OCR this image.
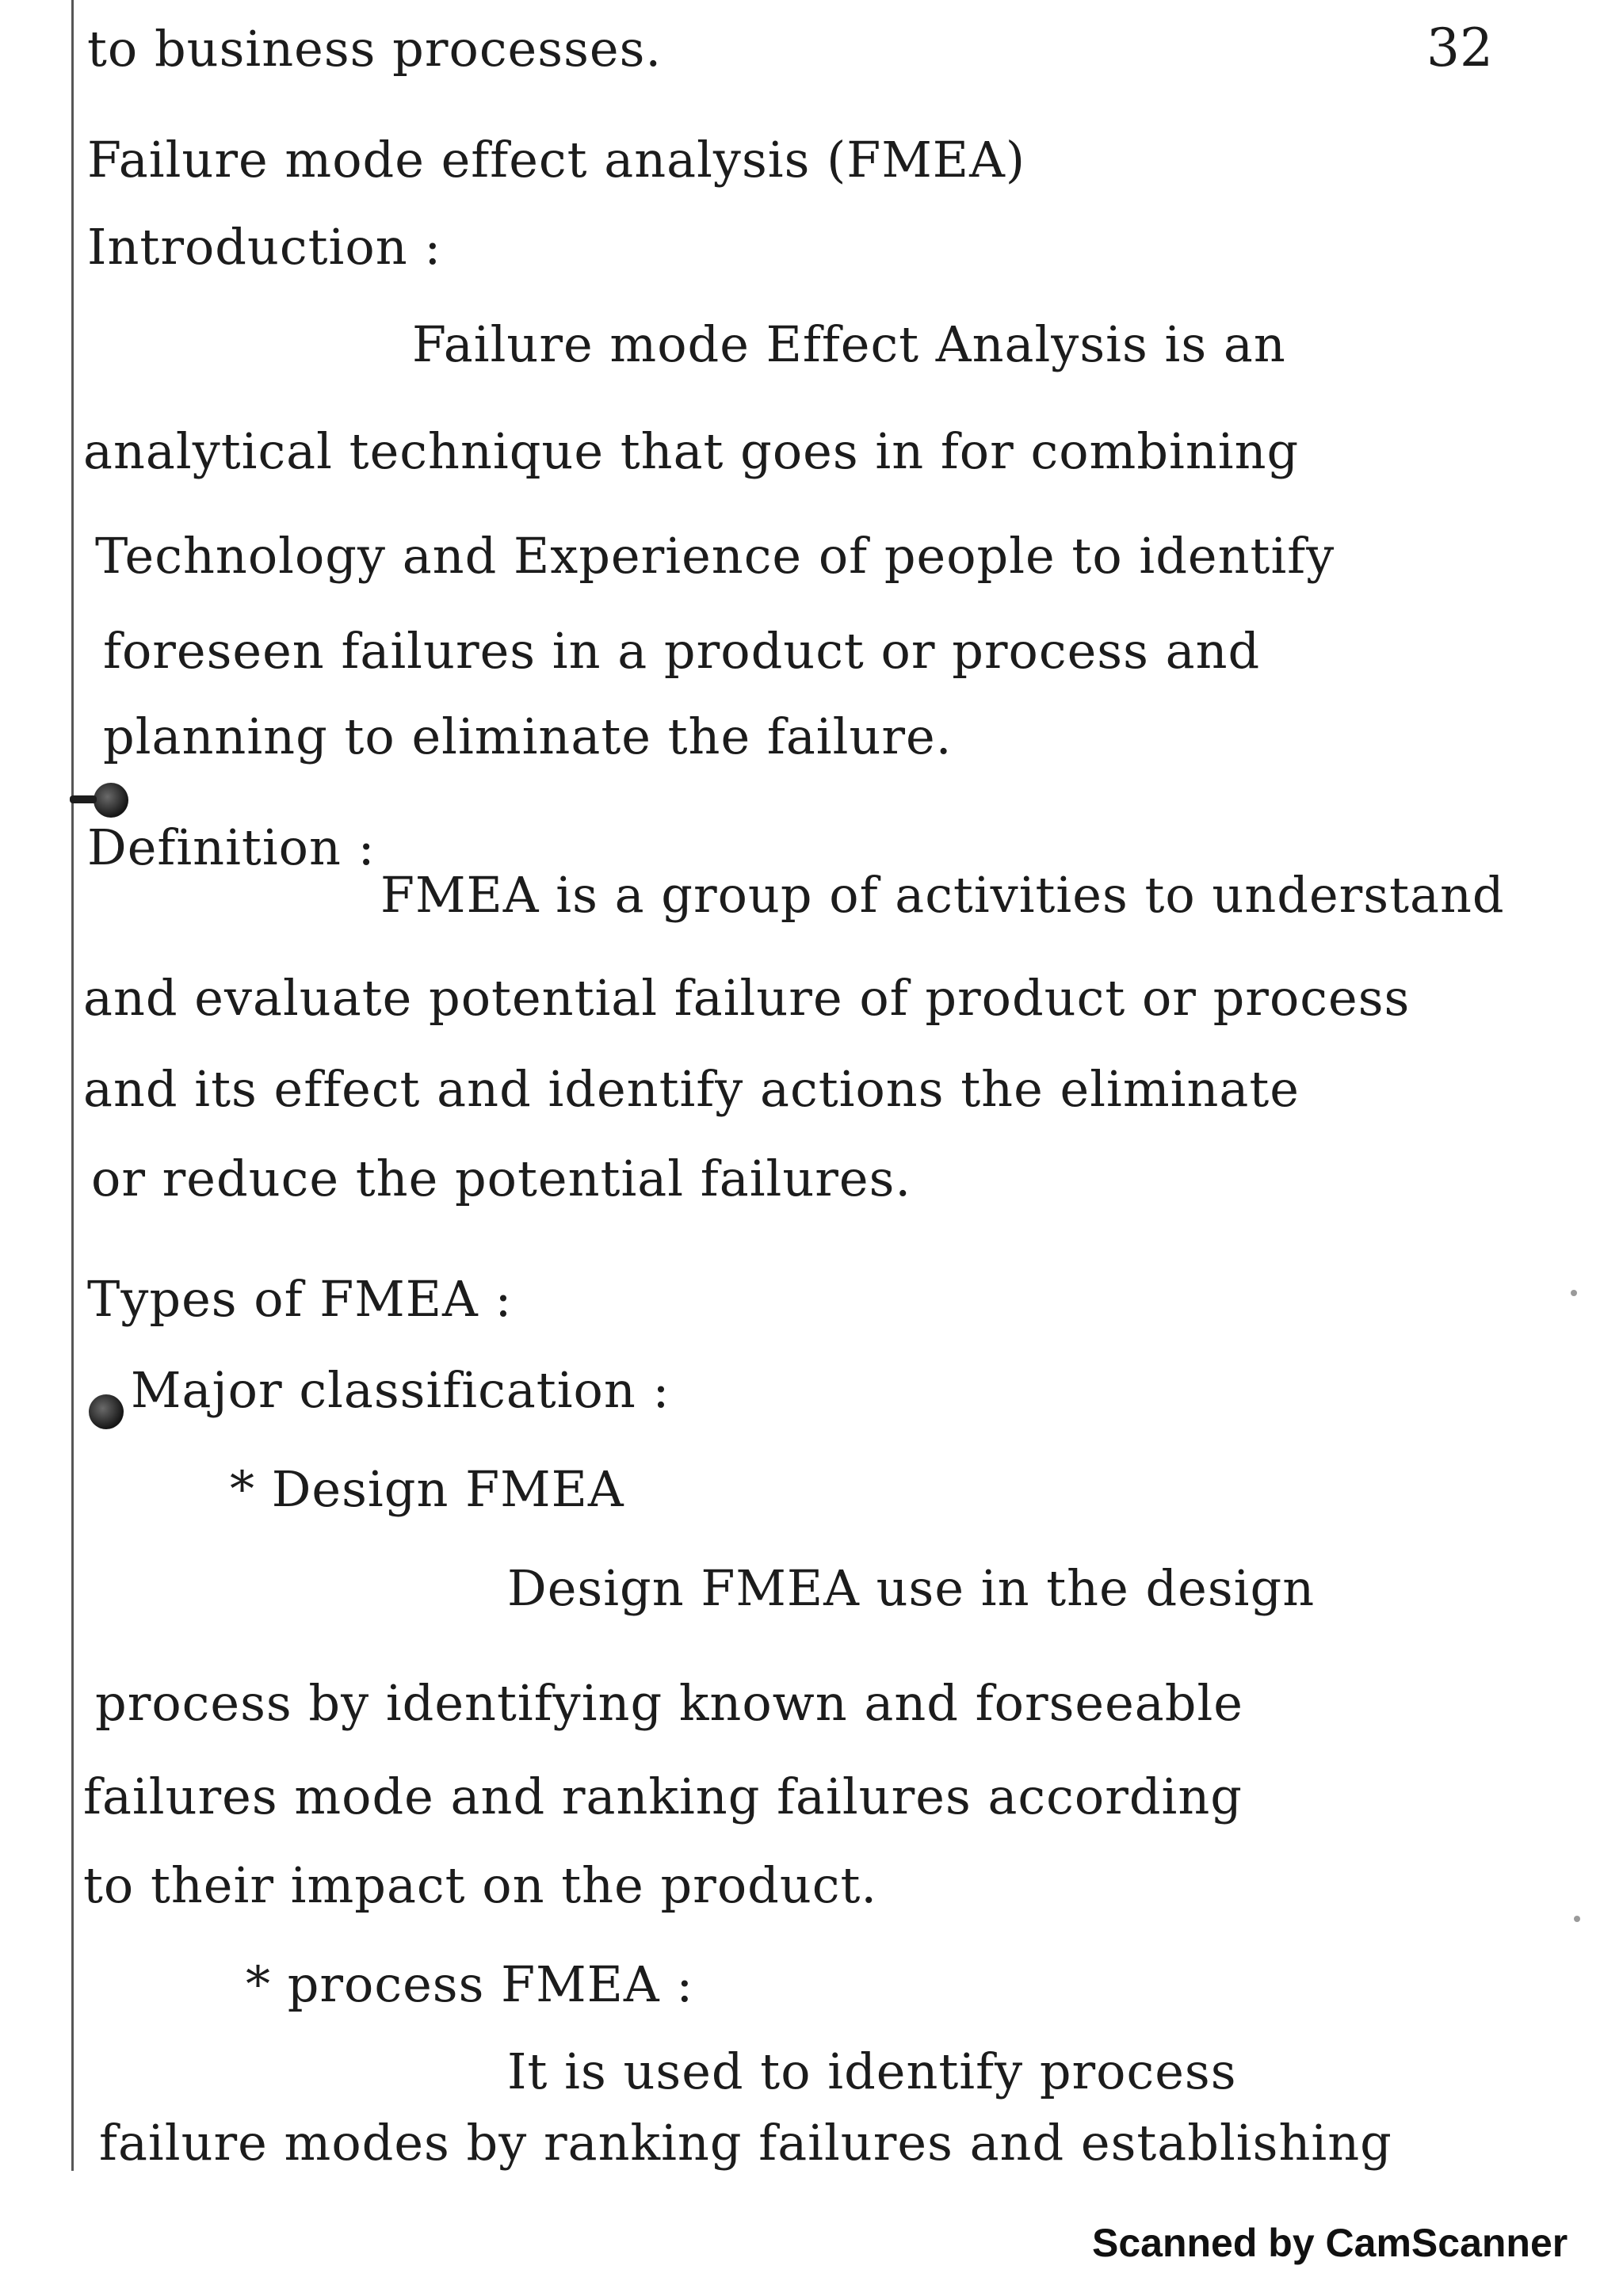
32
to business processes.
Failure mode effect analysis (FMEA)
Introduction :
Failure mode Effect Analysis is an
analytical technique that goes in for combining
Technology and Experience of people to identify
foreseen failures in a product or process and
planning to eliminate the failure.
Definition :
FMEA is a group of activities to understand
and evaluate potential failure of product or process
and its effect and identify actions the eliminate
or reduce the potential failures.
Types of FMEA :
Major classification :
* Design FMEA
Design FMEA use in the design
process by identifying known and forseeable
failures mode and ranking failures according
to their impact on the product.
* process FMEA :
It is used to identify process
failure modes by ranking failures and establishing
Scanned by CamScanner
